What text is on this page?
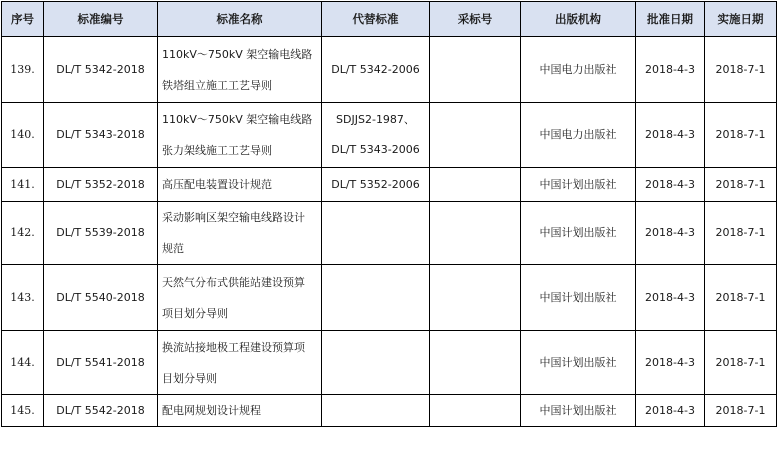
序号	标准编号	标准名称	代替标准	采标号	出版机构	批准日期	实施日期
139.	DL/T 5342-2018	110kV～750kV 架空输电线路
铁塔组立施工工艺导则	DL/T 5342-2006		中国电力出版社	2018-4-3	2018-7-1
140.	DL/T 5343-2018	110kV～750kV 架空输电线路
张力架线施工工艺导则	SDJJS2-1987、
DL/T 5343-2006		中国电力出版社	2018-4-3	2018-7-1
141.	DL/T 5352-2018	高压配电装置设计规范	DL/T 5352-2006		中国计划出版社	2018-4-3	2018-7-1
142.	DL/T 5539-2018	采动影响区架空输电线路设计
规范			中国计划出版社	2018-4-3	2018-7-1
143.	DL/T 5540-2018	天然气分布式供能站建设预算
项目划分导则			中国计划出版社	2018-4-3	2018-7-1
144.	DL/T 5541-2018	换流站接地极工程建设预算项
目划分导则			中国计划出版社	2018-4-3	2018-7-1
145.	DL/T 5542-2018	配电网规划设计规程			中国计划出版社	2018-4-3	2018-7-1
